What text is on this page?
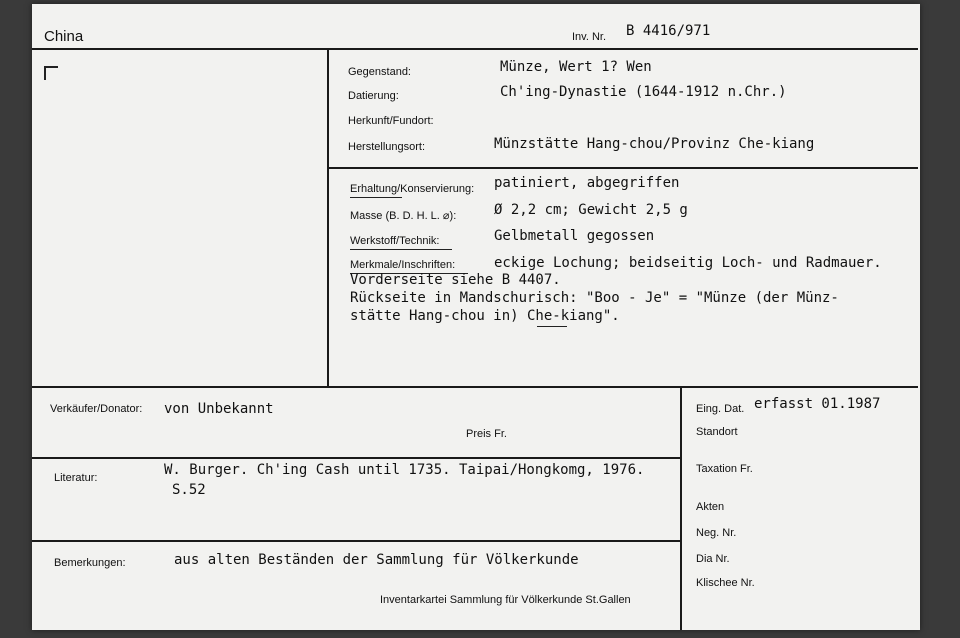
China	Inv. Nr. B 4416/971
Gegenstand:	Münze, Wert 1? Wen
Datierung:	Ch'ing-Dynastie (1644-1912 n.Chr.)
Herkunft/Fundort:
Herstellungsort:	Münzstätte Hang-chou/Provinz Che-kiang
Erhaltung/Konservierung: patiniert, abgegriffen
Masse (B. D. H. L. ⌀):	Ø 2,2 cm; Gewicht 2,5 g
Werkstoff/Technik:	Gelbmetall gegossen
Merkmale/Inschriften:	eckige Lochung; beidseitig Loch- und Radmauer.
Vorderseite siehe B 4407.
Rückseite in Mandschurisch: "Boo - Je" = "Münze (der Münz-
stätte Hang-chou in) Che-kiang".
Verkäufer/Donator: von Unbekannt
Preis Fr.
Literatur:	W. Burger. Ch'ing Cash until 1735. Taipai/Hongkomg, 1976.
S.52
Bemerkungen:	aus alten Beständen der Sammlung für Völkerkunde
Inventarkartei Sammlung für Völkerkunde St.Gallen
Eing. Dat. erfasst 01.1987
Standort
Taxation Fr.
Akten
Neg. Nr.
Dia Nr.
Klischee Nr.
